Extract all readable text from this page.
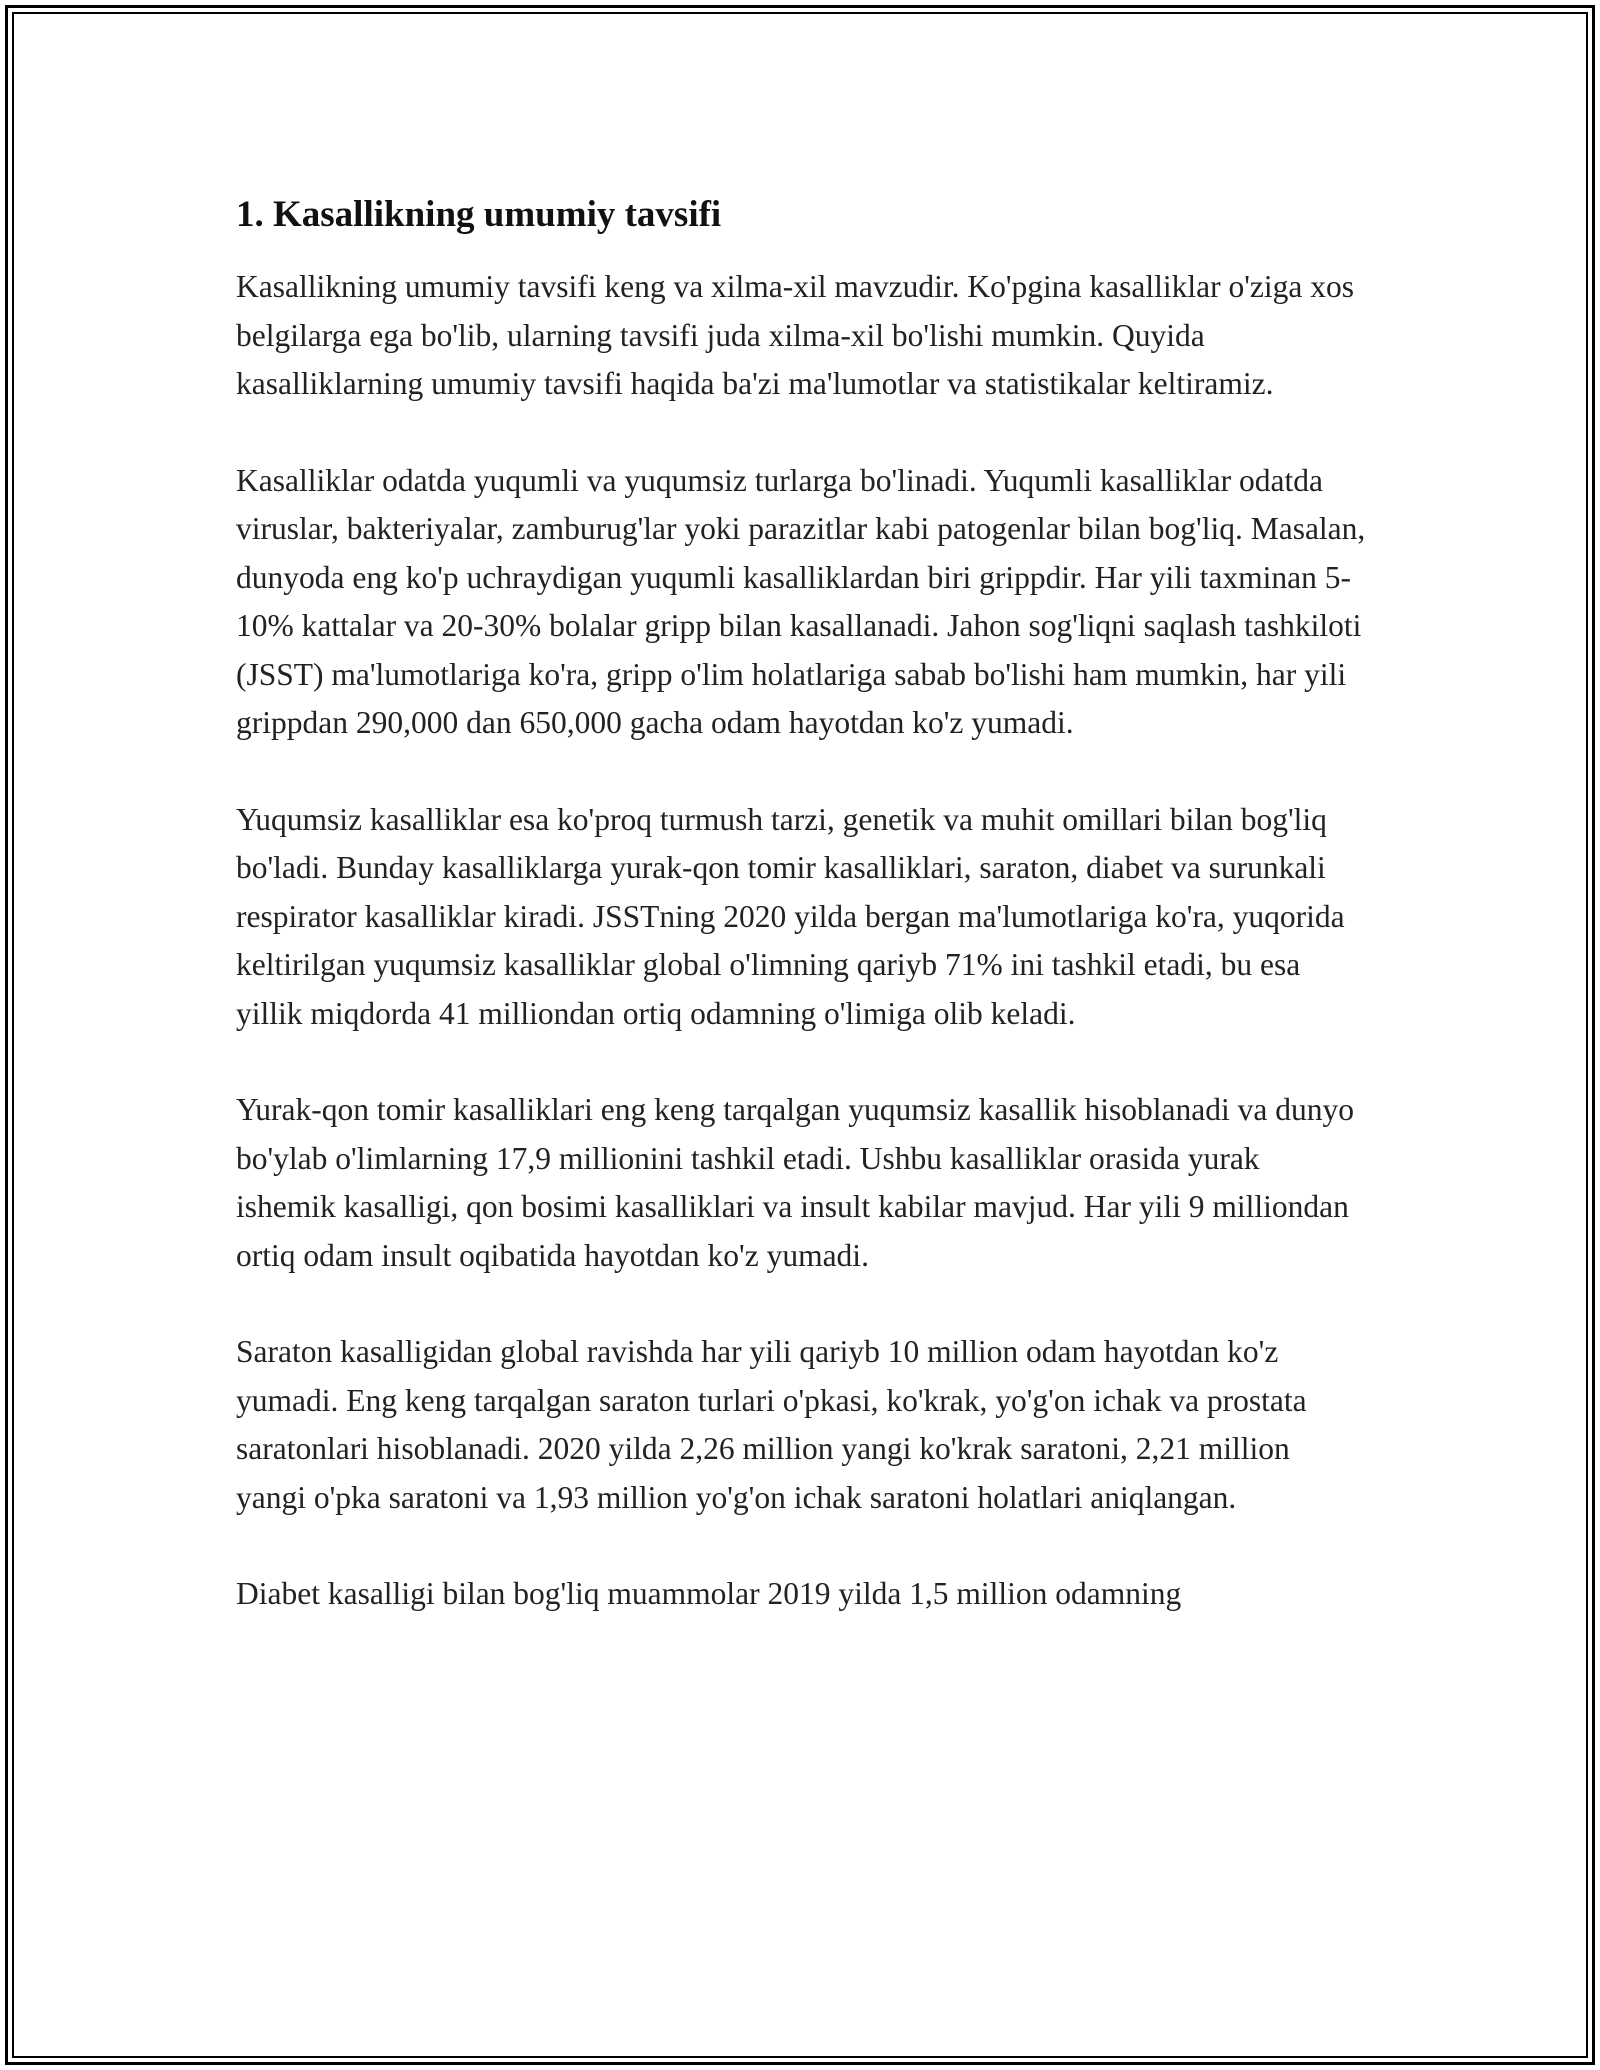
1. Kasallikning umumiy tavsifi

Kasallikning umumiy tavsifi keng va xilma-xil mavzudir. Ko'pgina kasalliklar o'ziga xos belgilarga ega bo'lib, ularning tavsifi juda xilma-xil bo'lishi mumkin. Quyida kasalliklarning umumiy tavsifi haqida ba'zi ma'lumotlar va statistikalar keltiramiz.

Kasalliklar odatda yuqumli va yuqumsiz turlarga bo'linadi. Yuqumli kasalliklar odatda viruslar, bakteriyalar, zamburug'lar yoki parazitlar kabi patogenlar bilan bog'liq. Masalan, dunyoda eng ko'p uchraydigan yuqumli kasalliklardan biri grippdir. Har yili taxminan 5-10% kattalar va 20-30% bolalar gripp bilan kasallanadi. Jahon sog'liqni saqlash tashkiloti (JSST) ma'lumotlariga ko'ra, gripp o'lim holatlariga sabab bo'lishi ham mumkin, har yili grippdan 290,000 dan 650,000 gacha odam hayotdan ko'z yumadi.

Yuqumsiz kasalliklar esa ko'proq turmush tarzi, genetik va muhit omillari bilan bog'liq bo'ladi. Bunday kasalliklarga yurak-qon tomir kasalliklari, saraton, diabet va surunkali respirator kasalliklar kiradi. JSSTning 2020 yilda bergan ma'lumotlariga ko'ra, yuqorida keltirilgan yuqumsiz kasalliklar global o'limning qariyb 71% ini tashkil etadi, bu esa yillik miqdorda 41 milliondan ortiq odamning o'limiga olib keladi.

Yurak-qon tomir kasalliklari eng keng tarqalgan yuqumsiz kasallik hisoblanadi va dunyo bo'ylab o'limlarning 17,9 millionini tashkil etadi. Ushbu kasalliklar orasida yurak ishemik kasalligi, qon bosimi kasalliklari va insult kabilar mavjud. Har yili 9 milliondan ortiq odam insult oqibatida hayotdan ko'z yumadi.

Saraton kasalligidan global ravishda har yili qariyb 10 million odam hayotdan ko'z yumadi. Eng keng tarqalgan saraton turlari o'pkasi, ko'krak, yo'g'on ichak va prostata saratonlari hisoblanadi. 2020 yilda 2,26 million yangi ko'krak saratoni, 2,21 million yangi o'pka saratoni va 1,93 million yo'g'on ichak saratoni holatlari aniqlangan.

Diabet kasalligi bilan bog'liq muammolar 2019 yilda 1,5 million odamning
